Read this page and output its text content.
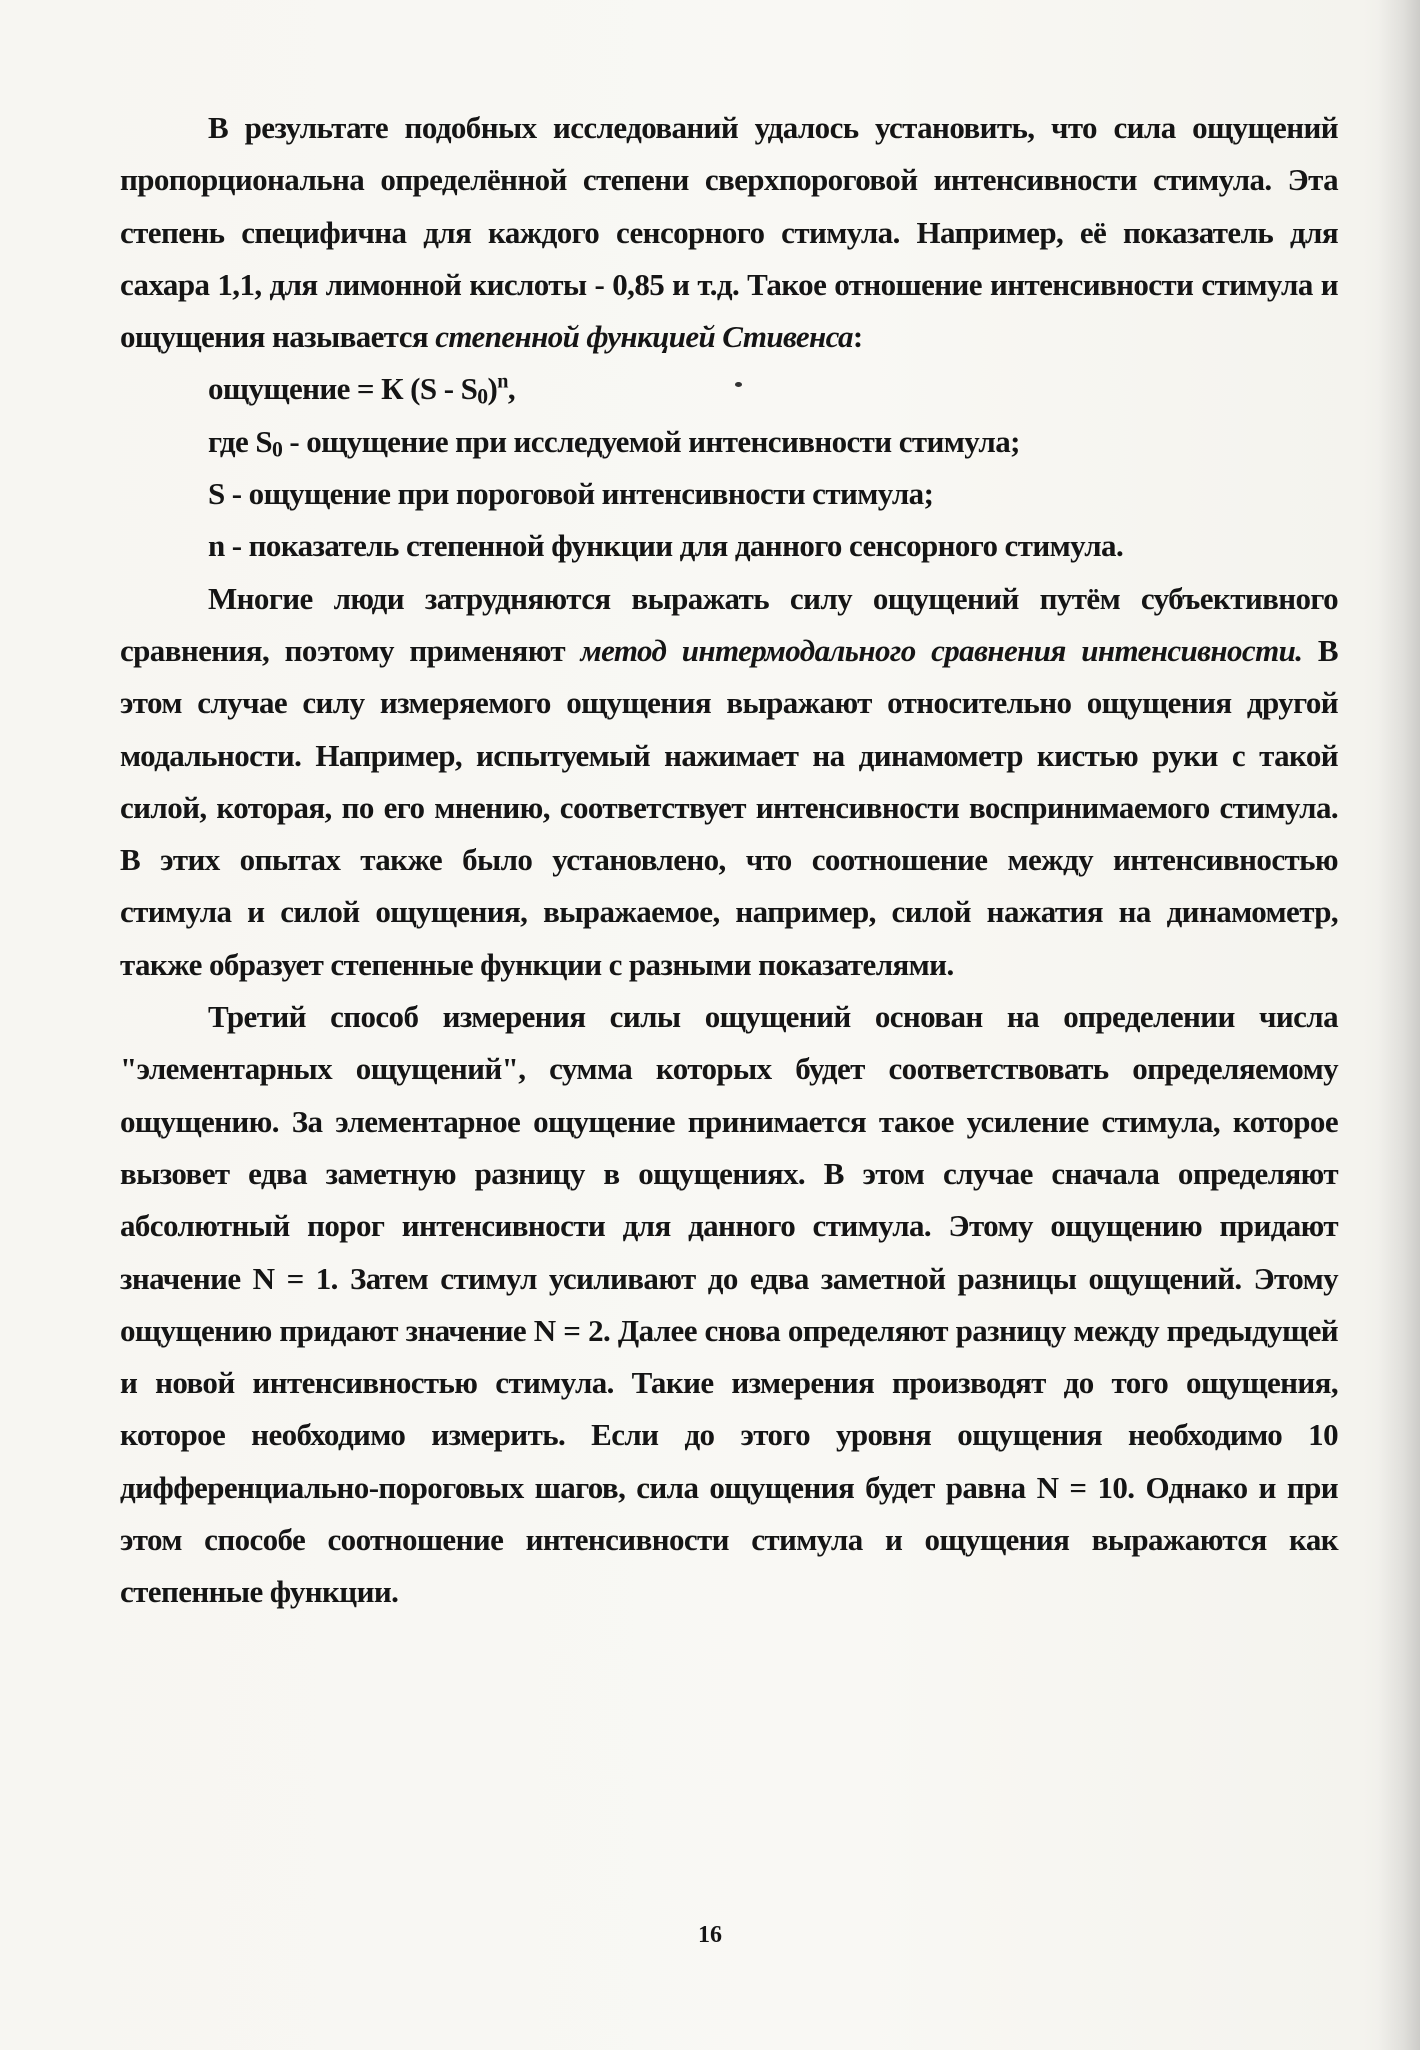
В результате подобных исследований удалось установить, что сила ощущений пропорциональна определённой степени сверхпороговой интенсивности стимула. Эта степень специфична для каждого сенсорного стимула. Например, её показатель для сахара 1,1, для лимонной кислоты - 0,85 и т.д. Такое отношение интенсивности стимула и ощущения называется степенной функцией Стивенса:

ощущение = К $(S - S_0)^n$,

где $S_0$ - ощущение при исследуемой интенсивности стимула;

S - ощущение при пороговой интенсивности стимула;

n - показатель степенной функции для данного сенсорного стимула.

Многие люди затрудняются выражать силу ощущений путём субъективного сравнения, поэтому применяют метод интермодального сравнения интенсивности. В этом случае силу измеряемого ощущения выражают относительно ощущения другой модальности. Например, испытуемый нажимает на динамометр кистью руки с такой силой, которая, по его мнению, соответствует интенсивности воспринимаемого стимула. В этих опытах также было установлено, что соотношение между интенсивностью стимула и силой ощущения, выражаемое, например, силой нажатия на динамометр, также образует степенные функции с разными показателями.

Третий способ измерения силы ощущений основан на определении числа "элементарных ощущений", сумма которых будет соответствовать определяемому ощущению. За элементарное ощущение принимается такое усиление стимула, которое вызовет едва заметную разницу в ощущениях. В этом случае сначала определяют абсолютный порог интенсивности для данного стимула. Этому ощущению придают значение N = 1. Затем стимул усиливают до едва заметной разницы ощущений. Этому ощущению придают значение N = 2. Далее снова определяют разницу между предыдущей и новой интенсивностью стимула. Такие измерения производят до того ощущения, которое необходимо измерить. Если до этого уровня ощущения необходимо 10 дифференциально-пороговых шагов, сила ощущения будет равна N = 10. Однако и при этом способе соотношение интенсивности стимула и ощущения выражаются как степенные функции.

16
